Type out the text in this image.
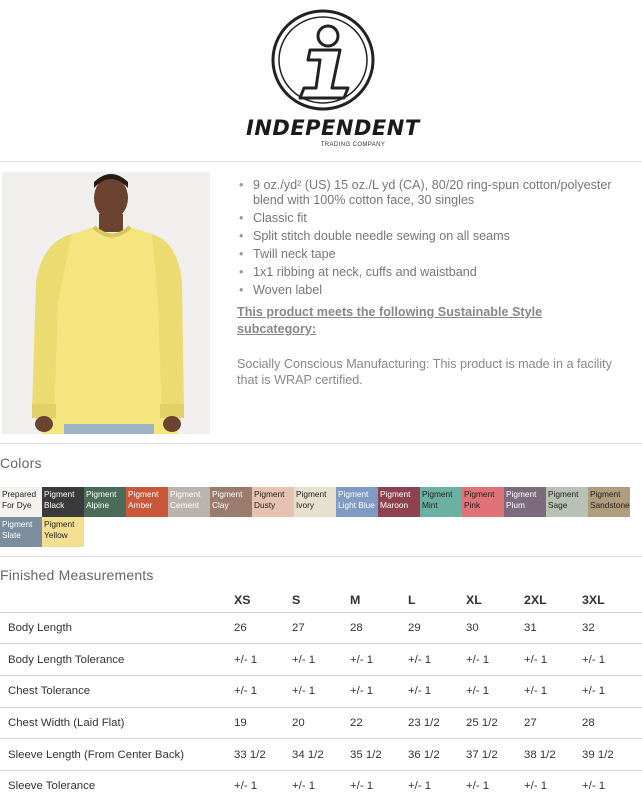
INDEPENDENT
TRADING COMPANY
• 9 oz./yd² (US) 15 oz./L yd (CA), 80/20 ring-spun cotton/polyester blend with 100% cotton face, 30 singles
• Classic fit
• Split stitch double needle sewing on all seams
• Twill neck tape
• 1x1 ribbing at neck, cuffs and waistband
• Woven label
This product meets the following Sustainable Style subcategory:
Socially Conscious Manufacturing: This product is made in a facility that is WRAP certified.
Colors
Prepared
For Dye
Pigment
Black
Pigment
Alpine
Pigment
Amber
Pigment
Cement
Pigment
Clay
Pigment
Dusty
Pigment
Ivory
Pigment
Light Blue
Pigment
Maroon
Pigment
Mint
Pigment
Pink
Pigment
Plum
Pigment
Sage
Pigment
Sandstone
Pigment
Slate
Pigment
Yellow
Finished Measurements
	XS	S	M	L	XL	2XL	3XL
Body Length	26	27	28	29	30	31	32
Body Length Tolerance	+/- 1	+/- 1	+/- 1	+/- 1	+/- 1	+/- 1	+/- 1
Chest Tolerance	+/- 1	+/- 1	+/- 1	+/- 1	+/- 1	+/- 1	+/- 1
Chest Width (Laid Flat)	19	20	22	23 1/2	25 1/2	27	28
Sleeve Length (From Center Back)	33 1/2	34 1/2	35 1/2	36 1/2	37 1/2	38 1/2	39 1/2
Sleeve Tolerance	+/- 1	+/- 1	+/- 1	+/- 1	+/- 1	+/- 1	+/- 1
